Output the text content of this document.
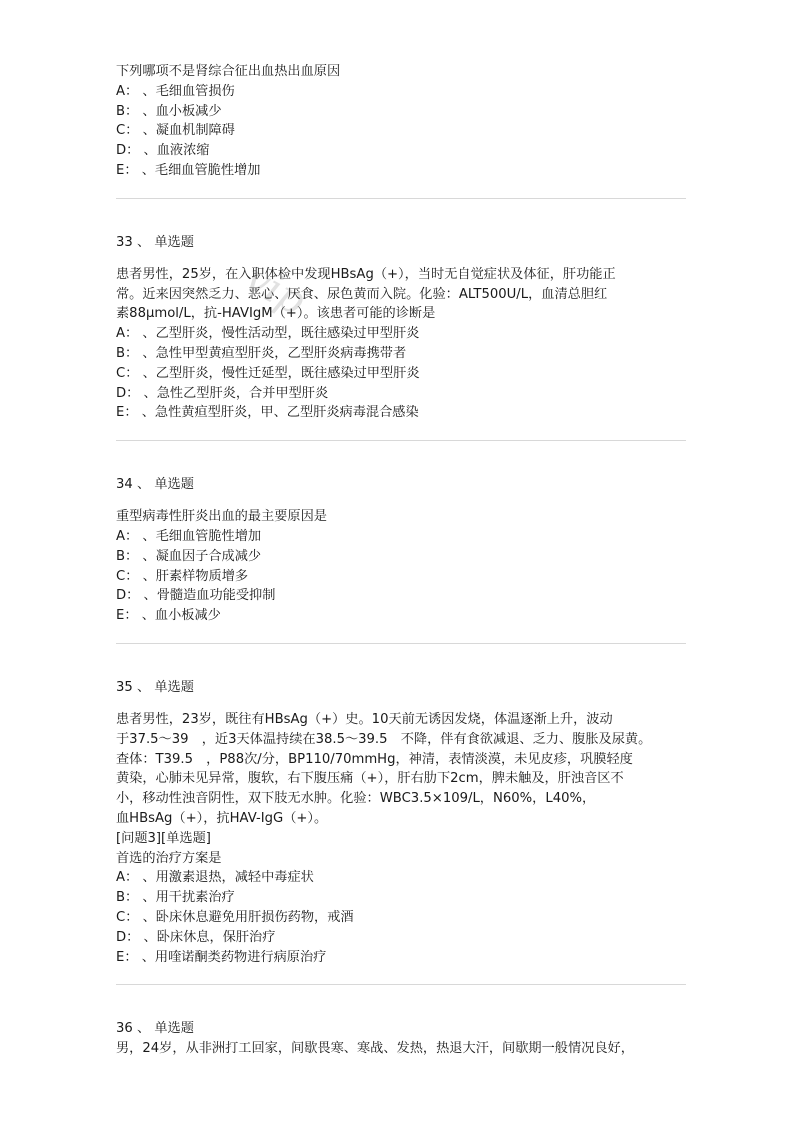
vip
下列哪项不是肾综合征出血热出血原因
A： 、毛细血管损伤
B： 、血小板减少
C： 、凝血机制障碍
D： 、血液浓缩
E： 、毛细血管脆性增加
33 、 单选题
患者男性，25岁，在入职体检中发现HBsAg（+），当时无自觉症状及体征，肝功能正
常。近来因突然乏力、恶心、厌食、尿色黄而入院。化验：ALT500U/L，血清总胆红
素88μmol/L，抗-HAVIgM（+）。该患者可能的诊断是
A： 、乙型肝炎，慢性活动型，既往感染过甲型肝炎
B： 、急性甲型黄疸型肝炎，乙型肝炎病毒携带者
C： 、乙型肝炎，慢性迁延型，既往感染过甲型肝炎
D： 、急性乙型肝炎，合并甲型肝炎
E： 、急性黄疸型肝炎，甲、乙型肝炎病毒混合感染
34 、 单选题
重型病毒性肝炎出血的最主要原因是
A： 、毛细血管脆性增加
B： 、凝血因子合成减少
C： 、肝素样物质增多
D： 、骨髓造血功能受抑制
E： 、血小板减少
35 、 单选题
患者男性，23岁，既往有HBsAg（+）史。10天前无诱因发烧，体温逐渐上升，波动
于37.5～39　，近3天体温持续在38.5～39.5　不降，伴有食欲减退、乏力、腹胀及尿黄。
查体：T39.5　，P88次/分，BP110/70mmHg，神清，表情淡漠，未见皮疹，巩膜轻度
黄染，心肺未见异常，腹软，右下腹压痛（+），肝右肋下2cm，脾未触及，肝浊音区不
小，移动性浊音阴性，双下肢无水肿。化验：WBC3.5×109/L，N60%，L40%，
血HBsAg（+），抗HAV-IgG（+）。
[问题3][单选题]
首选的治疗方案是
A： 、用激素退热，减轻中毒症状
B： 、用干扰素治疗
C： 、卧床休息避免用肝损伤药物，戒酒
D： 、卧床休息，保肝治疗
E： 、用喹诺酮类药物进行病原治疗
36 、 单选题
男，24岁，从非洲打工回家，间歇畏寒、寒战、发热，热退大汗，间歇期一般情况良好，
